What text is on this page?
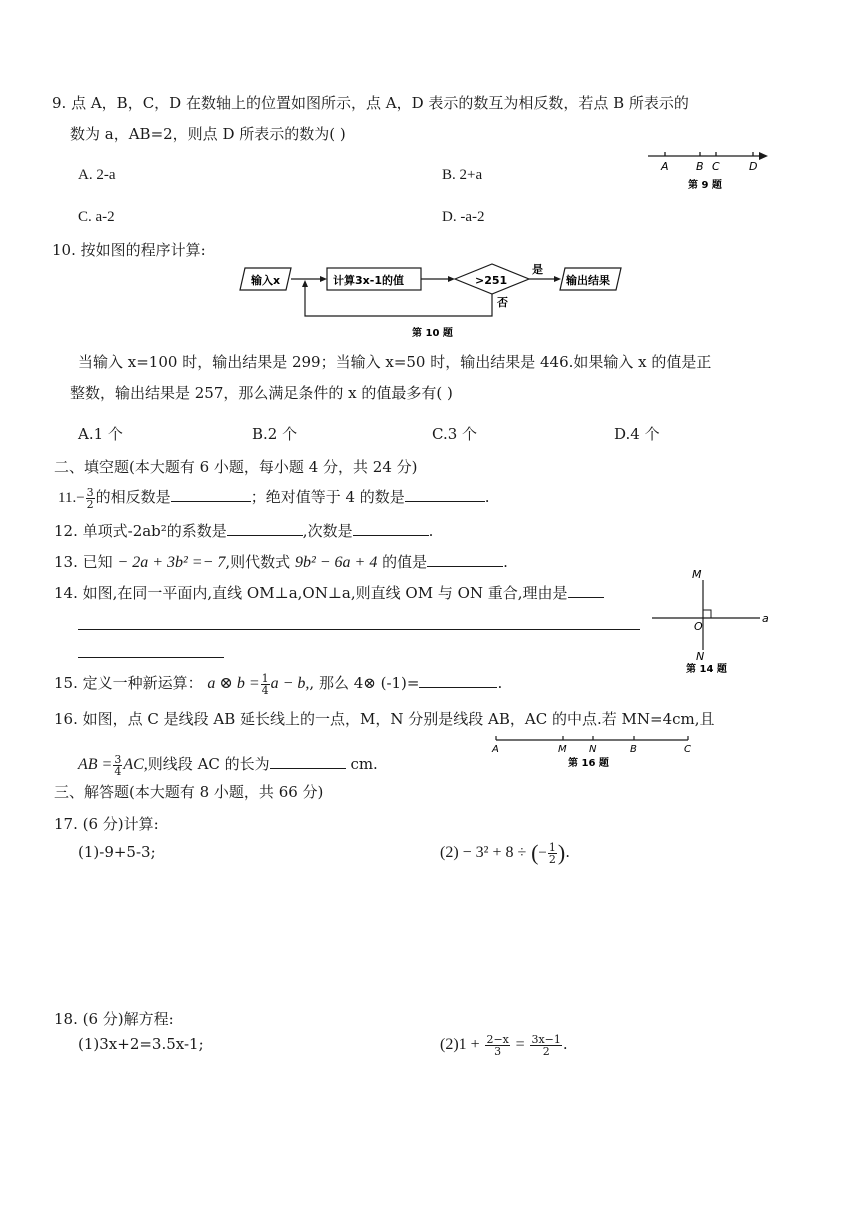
9. 点 A，B，C，D 在数轴上的位置如图所示，点 A，D 表示的数互为相反数，若点 B 所表示的
数为 a，AB=2，则点 D 所表示的数为( )
A. 2-a	B. 2+a
C. a-2	D. -a-2
A B C	D
第 9 题
10. 按如图的程序计算:
输入x	计算3x-1的值	>251
是
输出结果
否
第 10 题
当输入 x=100 时，输出结果是 299；当输入 x=50 时，输出结果是 446.如果输入 x 的值是正
整数，输出结果是 257，那么满足条件的 x 的值最多有( )
A.1 个	B.2 个	C.3 个	D.4 个
二、填空题(本大题有 6 小题，每小题 4 分，共 24 分)
$11.- \frac{3}{2}$ 的相反数是	；绝对值等于 4 的数是	.
12. 单项式-2ab²的系数是	,次数是	.
13. 已知 − 2a + 3b² =− 7,则代数式 9b² − 6a + 4 的值是	.
14. 如图,在同一平面内,直线 OM⊥a,ON⊥a,则直线 OM 与 ON 重合,理由是
M
O
N
a
第 14 题
15. 定义一种新运算： a ⊗ $b = \frac{1}{4}$ a − b,, 那么 4⊗ (-1)=	.
16. 如图，点 C 是线段 AB 延长线上的一点，M，N 分别是线段 AB，AC 的中点.若 MN=4cm,且
AB = $\frac{3}{4}$ AC,则线段 AC 的长为	cm.
A	M N	B	C
第 16 题
三、解答题(本大题有 8 小题，共 66 分)
17. (6 分)计算:
(1)-9+5-3;	(2) − 3² + 8 ÷ (− $\frac{1}{2}$ ).
18. (6 分)解方程:
(1)3x+2=3.5x-1;	$(2)1 + \frac{2-x}{3} = \frac{3x-1}{2}$ .
